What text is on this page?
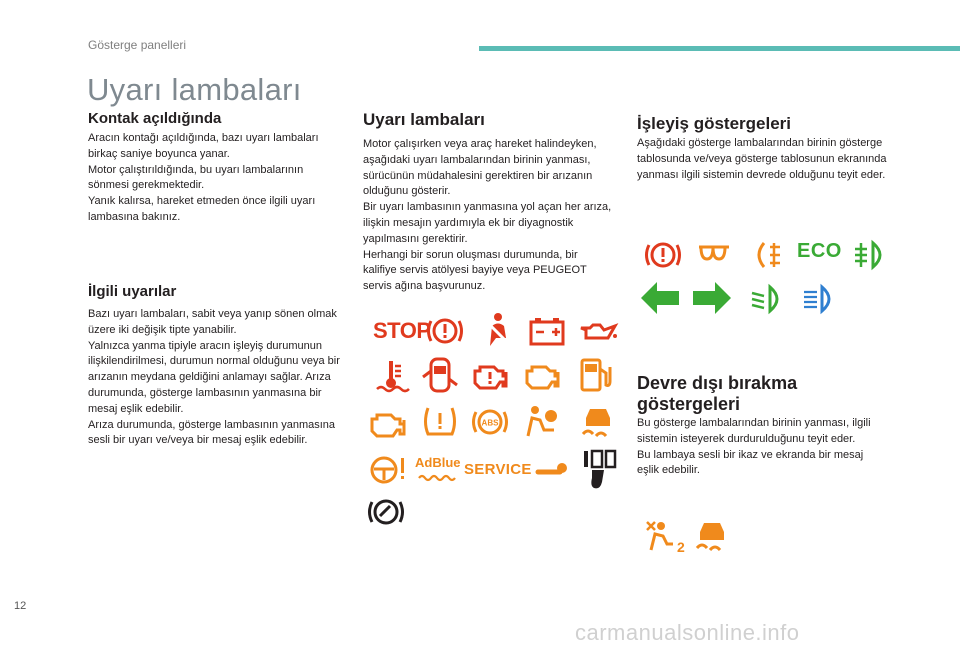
Gösterge panelleri
Uyarı lambaları
Kontak açıldığında

Aracın kontağı açıldığında, bazı uyarı lambaları birkaç saniye boyunca yanar.
Motor çalıştırıldığında, bu uyarı lambalarının sönmesi gerekmektedir.
Yanık kalırsa, hareket etmeden önce ilgili uyarı lambasına bakınız.

İlgili uyarılar

Bazı uyarı lambaları, sabit veya yanıp sönen olmak üzere iki değişik tipte yanabilir.
Yalnızca yanma tipiyle aracın işleyiş durumunun ilişkilendirilmesi, durumun normal olduğunu veya bir arızanın meydana geldiğini anlamayı sağlar. Arıza durumunda, gösterge lambasının yanmasına bir mesaj eşlik edebilir.
Arıza durumunda, gösterge lambasının yanmasına sesli bir uyarı ve/veya bir mesaj eşlik edebilir.

Uyarı lambaları

Motor çalışırken veya araç hareket halindeyken, aşağıdaki uyarı lambalarından birinin yanması, sürücünün müdahalesini gerektiren bir arızanın olduğunu gösterir.
Bir uyarı lambasının yanmasına yol açan her arıza, ilişkin mesajın yardımıyla ek bir diyagnostik yapılmasını gerektirir.
Herhangi bir sorun oluşması durumunda, bir kalifiye servis atölyesi bayiye veya PEUGEOT servis ağına başvurunuz.

STOP
ABS
AdBlue SERVICE
İşleyiş göstergeleri

Aşağıdaki gösterge lambalarından birinin gösterge tablosunda ve/veya gösterge tablosunun ekranında yanması ilgili sistemin devrede olduğunu teyit eder.

ECO
Devre dışı bırakma göstergeleri

Bu gösterge lambalarından birinin yanması, ilgili sistemin isteyerek durdurulduğunu teyit eder.
Bu lambaya sesli bir ikaz ve ekranda bir mesaj eşlik edebilir.

2
12
carmanualsonline.info
